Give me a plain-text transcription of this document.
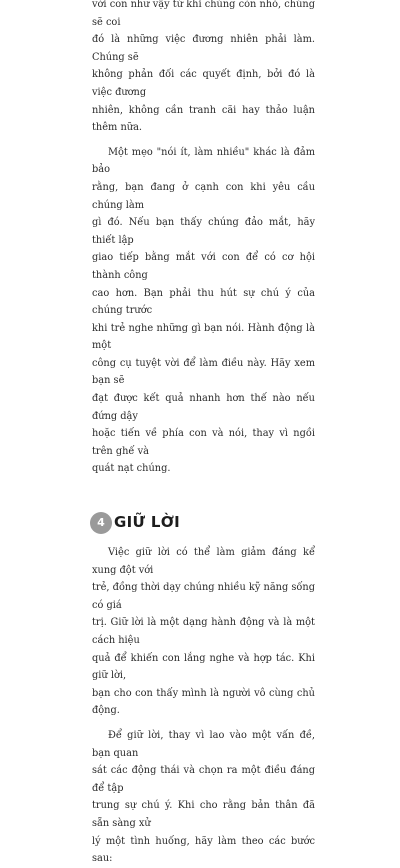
với con như vậy từ khi chúng còn nhỏ, chúng sẽ coi

đó là những việc đương nhiên phải làm. Chúng sẽ

không phản đối các quyết định, bởi đó là việc đương

nhiên, không cần tranh cãi hay thảo luận thêm nữa.

Một mẹo "nói ít, làm nhiều" khác là đảm bảo

rằng, bạn đang ở cạnh con khi yêu cầu chúng làm

gì đó. Nếu bạn thấy chúng đảo mắt, hãy thiết lập

giao tiếp bằng mắt với con để có cơ hội thành công

cao hơn. Bạn phải thu hút sự chú ý của chúng trước

khi trẻ nghe những gì bạn nói. Hành động là một

công cụ tuyệt vời để làm điều này. Hãy xem bạn sẽ

đạt được kết quả nhanh hơn thế nào nếu đứng dậy

hoặc tiến về phía con và nói, thay vì ngồi trên ghế và

quát nạt chúng.

4 GIỮ LỜI

Việc giữ lời có thể làm giảm đáng kể xung đột với

trẻ, đồng thời dạy chúng nhiều kỹ năng sống có giá

trị. Giữ lời là một dạng hành động và là một cách hiệu

quả để khiến con lắng nghe và hợp tác. Khi giữ lời,

bạn cho con thấy mình là người vô cùng chủ động.

Để giữ lời, thay vì lao vào một vấn đề, bạn quan

sát các động thái và chọn ra một điều đáng để tập

trung sự chú ý. Khi cho rằng bản thân đã sẵn sàng xử

lý một tình huống, hãy làm theo các bước sau:
